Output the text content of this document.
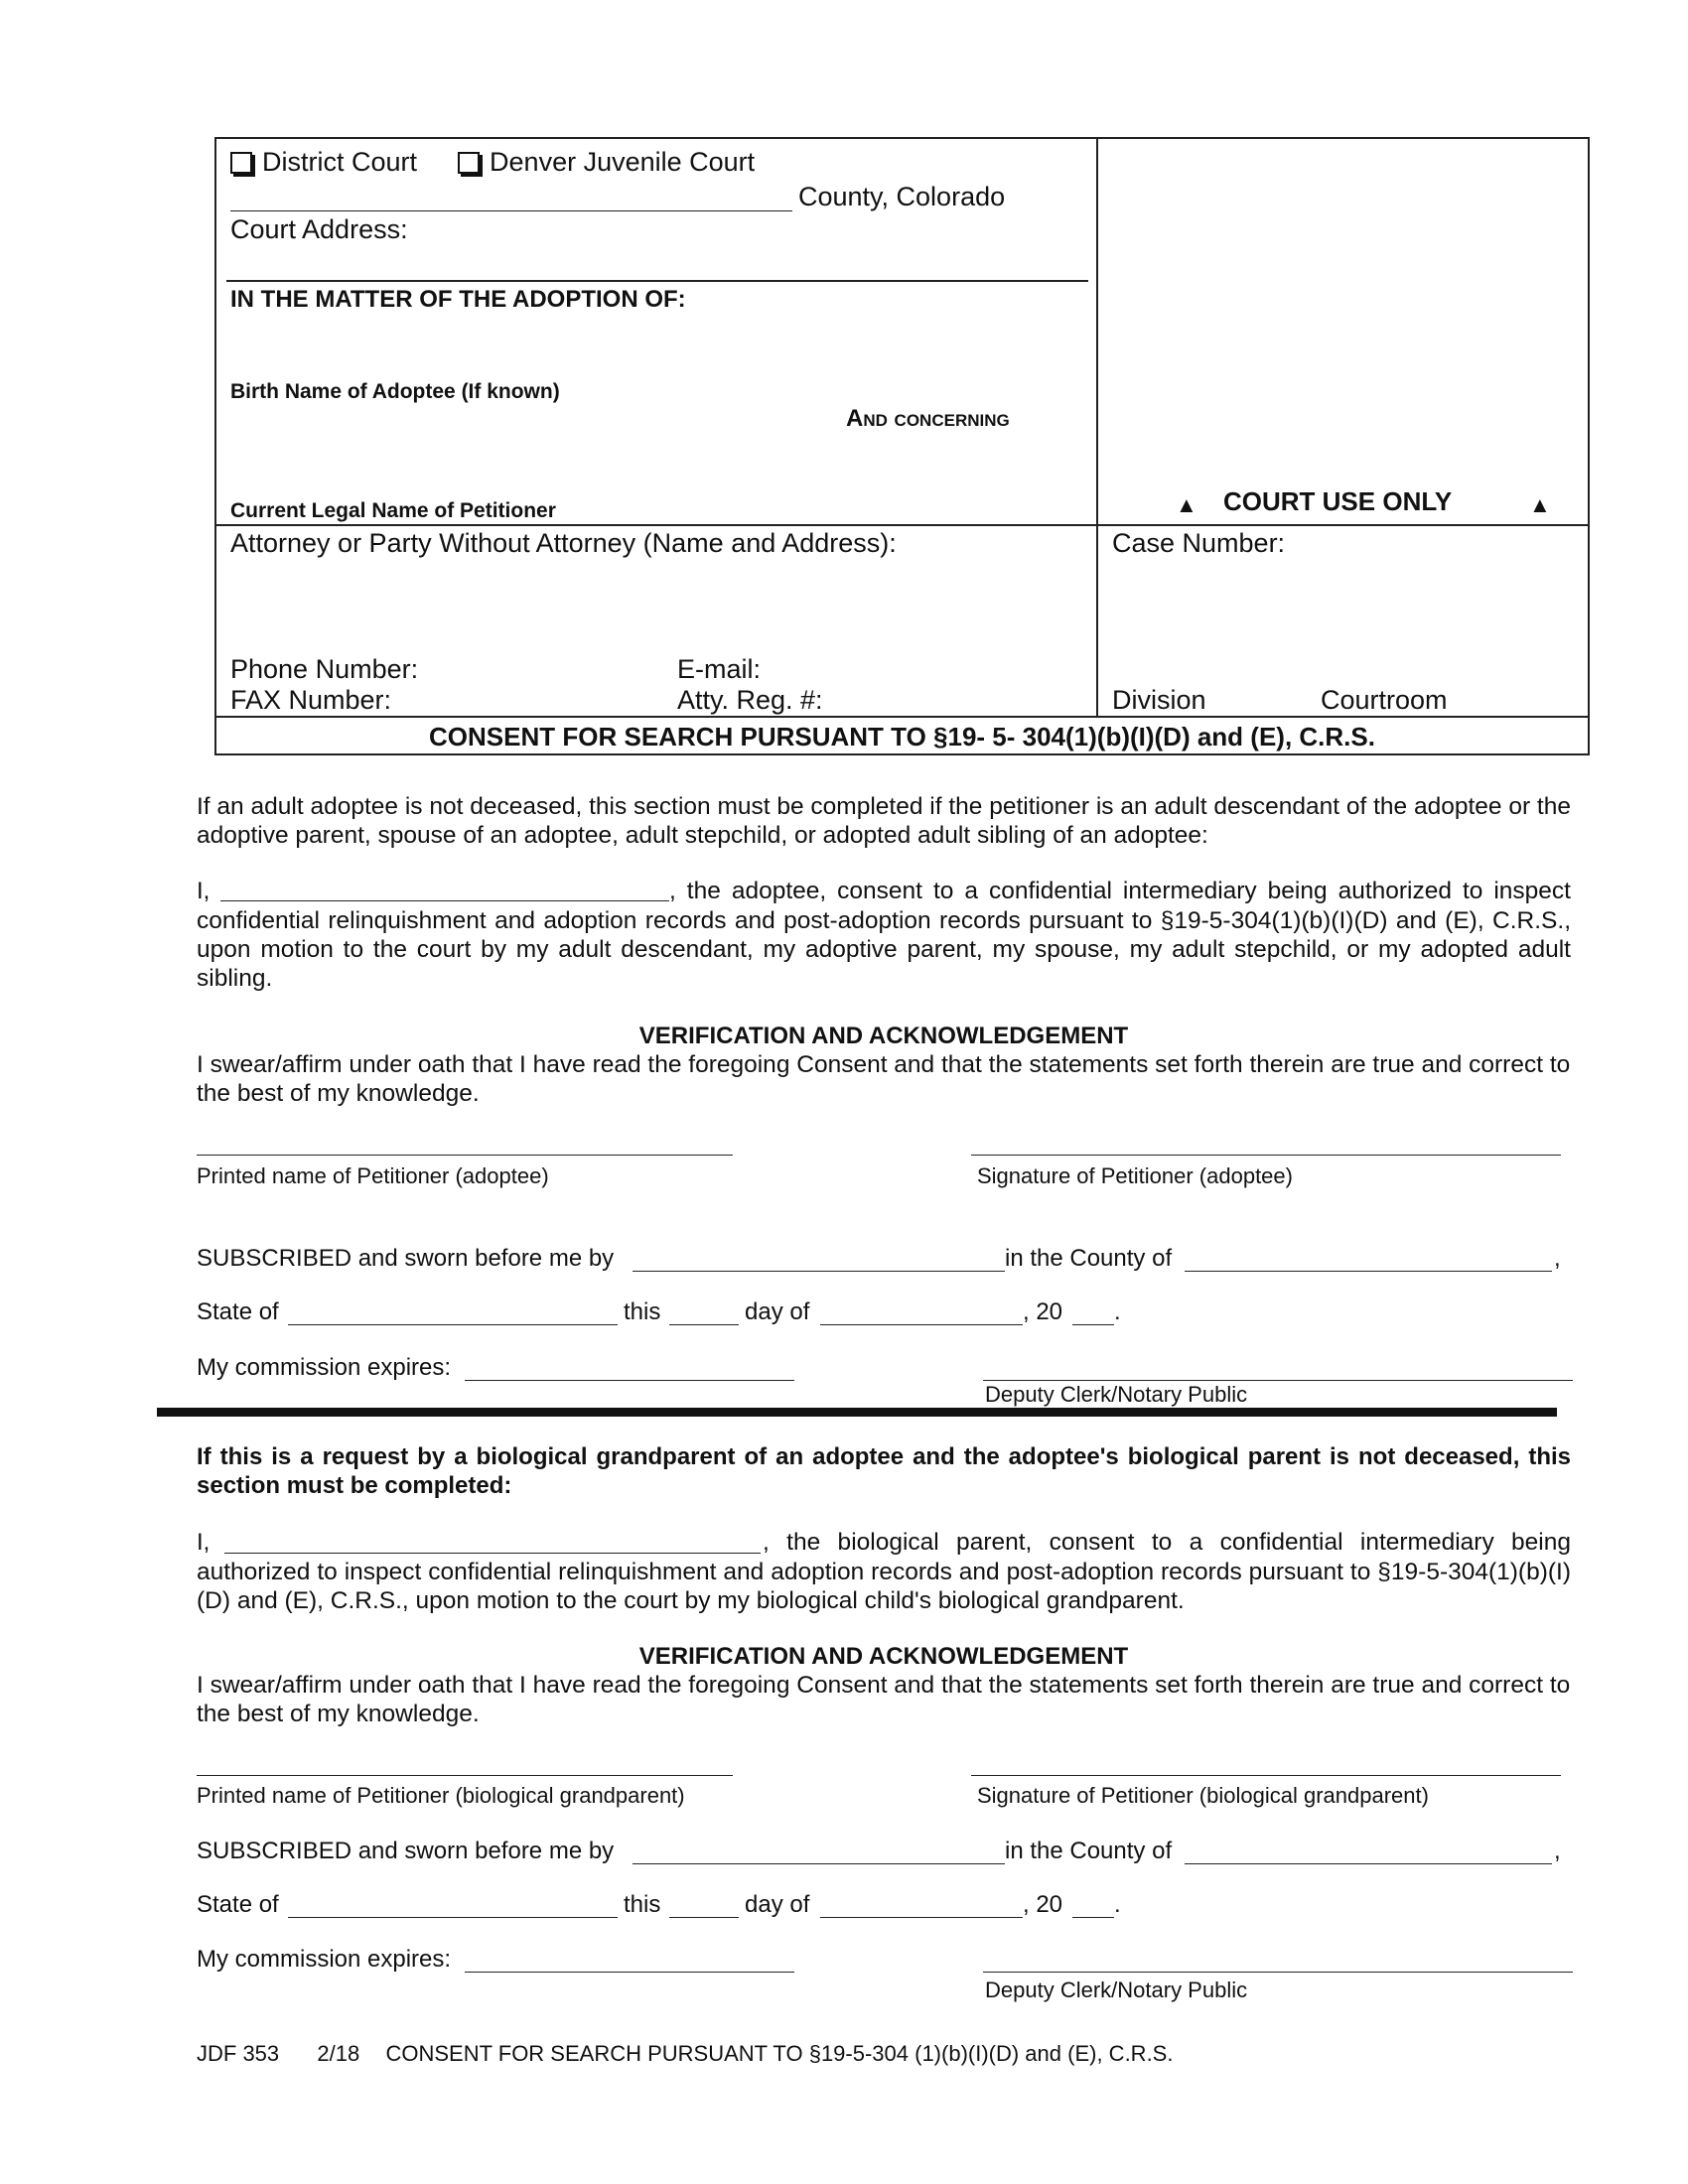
District Court	Denver Juvenile Court
County, Colorado
Court Address:
IN THE MATTER OF THE ADOPTION OF:
Birth Name of Adoptee (If known)
And concerning
Current Legal Name of Petitioner	▲ COURT USE ONLY	▲
Attorney or Party Without Attorney (Name and Address):	Case Number:
Phone Number:	E-mail:
FAX Number:	Atty. Reg. #:	Division	Courtroom
CONSENT FOR SEARCH PURSUANT TO §19- 5- 304(1)(b)(I)(D) and (E), C.R.S.
If an adult adoptee is not deceased, this section must be completed if the petitioner is an adult descendant of the adoptee or the adoptive parent, spouse of an adoptee, adult stepchild, or adopted adult sibling of an adoptee:
I,	, the adoptee, consent to a confidential intermediary being authorized to inspect
confidential relinquishment and adoption records and post-adoption records pursuant to §19-5-304(1)(b)(I)(D) and (E), C.R.S., upon motion to the court by my adult descendant, my adoptive parent, my spouse, my adult stepchild, or my adopted adult sibling.
VERIFICATION AND ACKNOWLEDGEMENT
I swear/affirm under oath that I have read the foregoing Consent and that the statements set forth therein are true and correct to the best of my knowledge.
Printed name of Petitioner (adoptee)	Signature of Petitioner (adoptee)
SUBSCRIBED and sworn before me by	in the County of	,
State of	this	day of	, 20 .
My commission expires:
Deputy Clerk/Notary Public
If this is a request by a biological grandparent of an adoptee and the adoptee's biological parent is not deceased, this section must be completed:
I,	, the biological parent, consent to a confidential intermediary being
authorized to inspect confidential relinquishment and adoption records and post-adoption records pursuant to §19-5-304(1)(b)(I)(D) and (E), C.R.S., upon motion to the court by my biological child's biological grandparent.
VERIFICATION AND ACKNOWLEDGEMENT
I swear/affirm under oath that I have read the foregoing Consent and that the statements set forth therein are true and correct to the best of my knowledge.
Printed name of Petitioner (biological grandparent)	Signature of Petitioner (biological grandparent)
SUBSCRIBED and sworn before me by	in the County of	,
State of	this	day of	, 20 .
My commission expires:
Deputy Clerk/Notary Public
JDF 353 2/18 CONSENT FOR SEARCH PURSUANT TO §19-5-304 (1)(b)(I)(D) and (E), C.R.S.
